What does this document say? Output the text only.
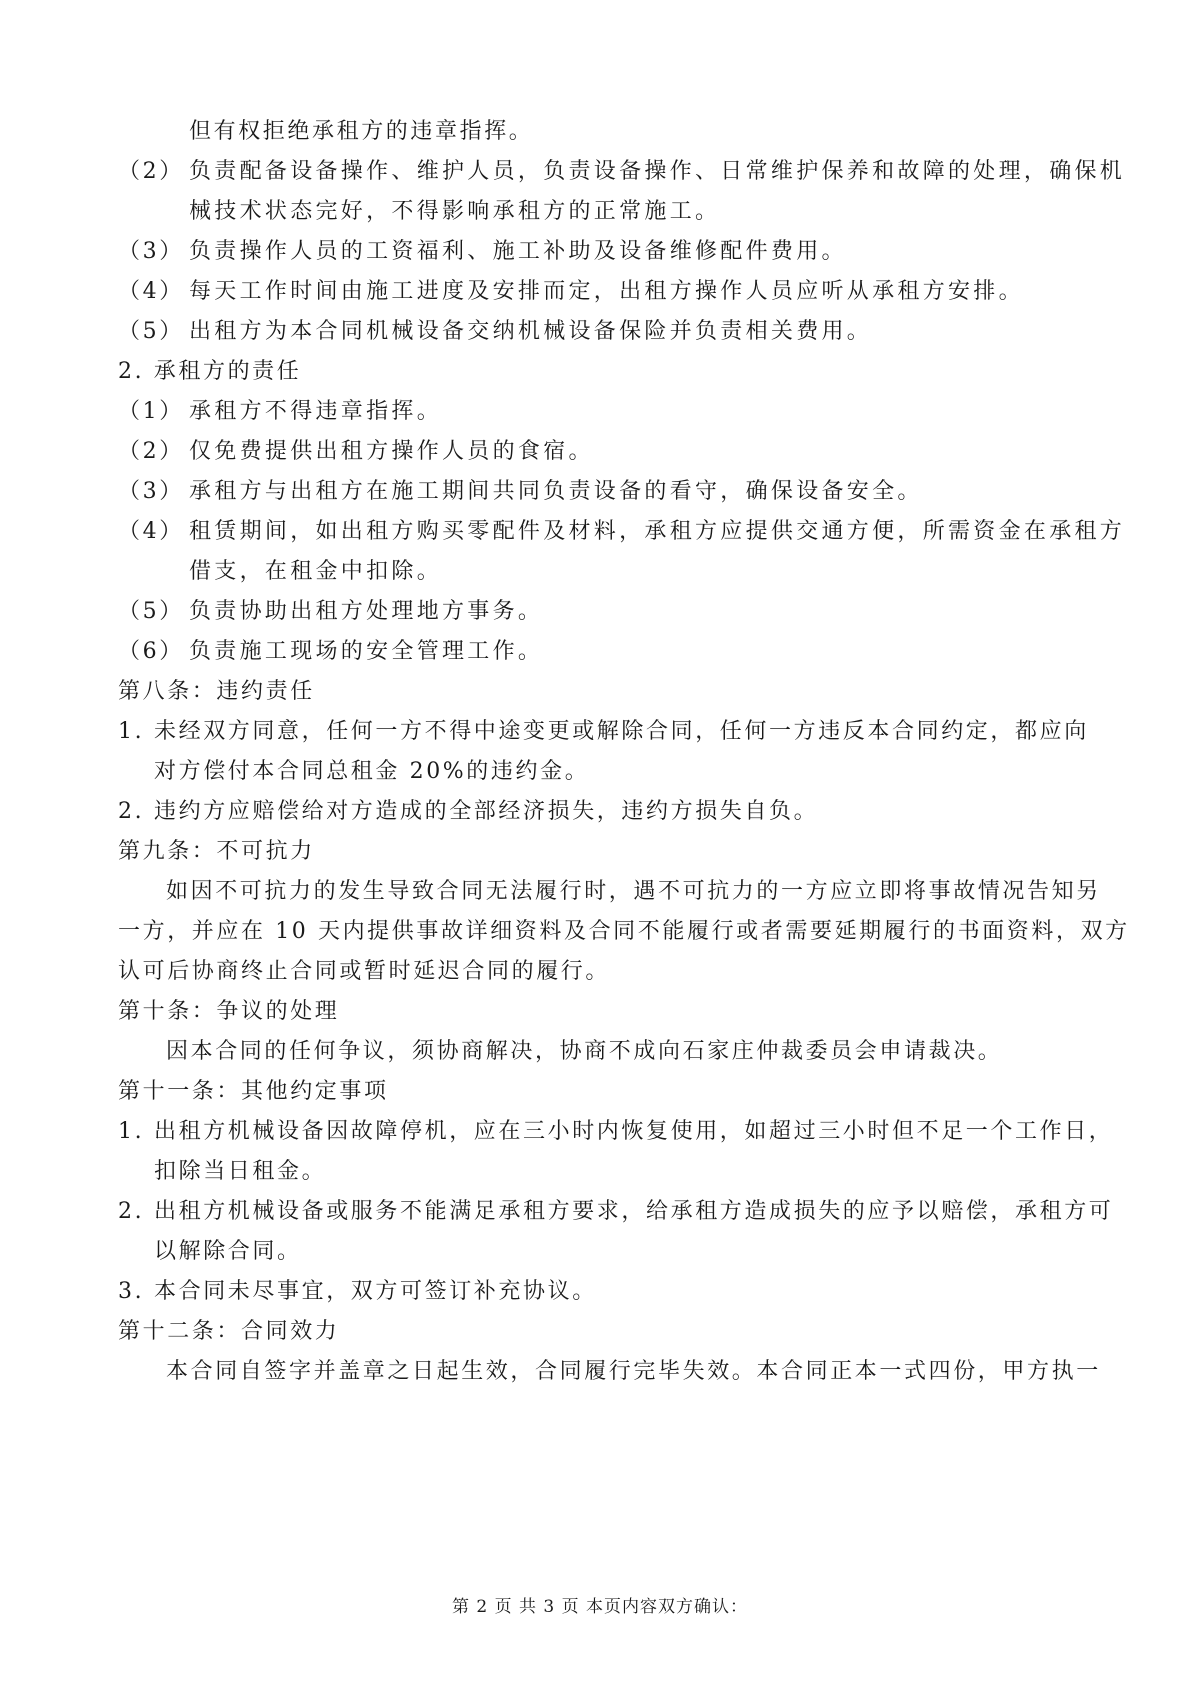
但有权拒绝承租方的违章指挥。
（2） 负责配备设备操作、维护人员，负责设备操作、日常维护保养和故障的处理，确保机
械技术状态完好，不得影响承租方的正常施工。
（3） 负责操作人员的工资福利、施工补助及设备维修配件费用。
（4） 每天工作时间由施工进度及安排而定，出租方操作人员应听从承租方安排。
（5） 出租方为本合同机械设备交纳机械设备保险并负责相关费用。
2. 承租方的责任
（1） 承租方不得违章指挥。
（2） 仅免费提供出租方操作人员的食宿。
（3） 承租方与出租方在施工期间共同负责设备的看守，确保设备安全。
（4） 租赁期间，如出租方购买零配件及材料，承租方应提供交通方便，所需资金在承租方
借支，在租金中扣除。
（5） 负责协助出租方处理地方事务。
（6） 负责施工现场的安全管理工作。
第八条：违约责任
1. 未经双方同意，任何一方不得中途变更或解除合同，任何一方违反本合同约定，都应向
对方偿付本合同总租金 20%的违约金。
2. 违约方应赔偿给对方造成的全部经济损失，违约方损失自负。
第九条：不可抗力
如因不可抗力的发生导致合同无法履行时，遇不可抗力的一方应立即将事故情况告知另
一方，并应在 10 天内提供事故详细资料及合同不能履行或者需要延期履行的书面资料，双方
认可后协商终止合同或暂时延迟合同的履行。
第十条：争议的处理
因本合同的任何争议，须协商解决，协商不成向石家庄仲裁委员会申请裁决。
第十一条：其他约定事项
1. 出租方机械设备因故障停机，应在三小时内恢复使用，如超过三小时但不足一个工作日，
扣除当日租金。
2. 出租方机械设备或服务不能满足承租方要求，给承租方造成损失的应予以赔偿，承租方可
以解除合同。
3. 本合同未尽事宜，双方可签订补充协议。
第十二条：合同效力
本合同自签字并盖章之日起生效，合同履行完毕失效。本合同正本一式四份，甲方执一
第 2 页 共 3 页 本页内容双方确认：
